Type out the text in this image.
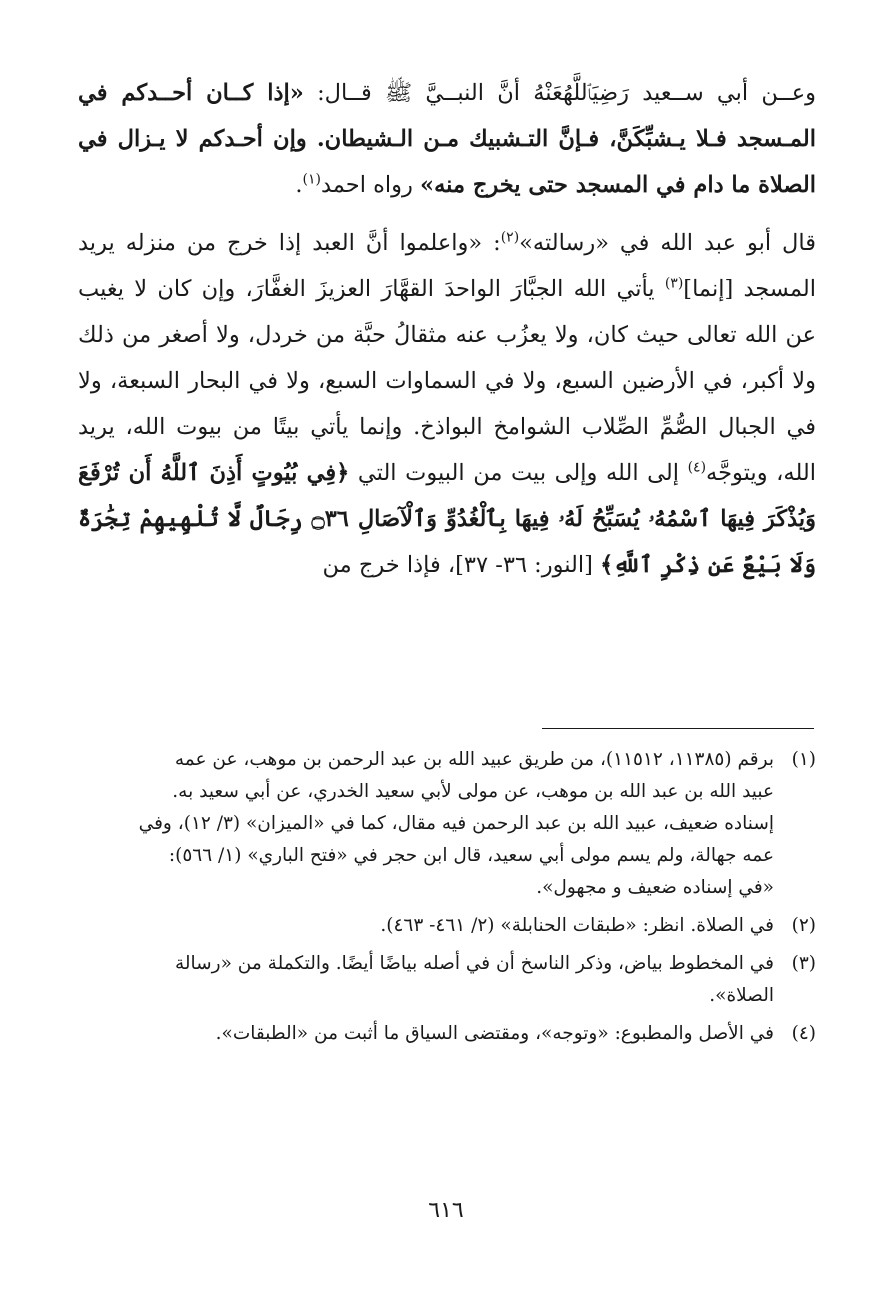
وعــن أبي ســعيد رَضِيَٱللَّهُعَنْهُ أنَّ النبــيَّ ﷺ قــال: «إذا كــان أحــدكم في المـسجد فـلا يـشبِّكَنَّ، فـإنَّ التـشبيك مـن الـشيطان. وإن أحـدكم لا يـزال في الصلاة ما دام في المسجد حتى يخرج منه» رواه احمد$^{(١)}$.

قال أبو عبد الله في «رسالته»$^{(٢)}$: «واعلموا أنَّ العبد إذا خرج من منزله يريد المسجد [إنما]$^{(٣)}$ يأتي الله الجبَّارَ الواحدَ القهَّارَ العزيزَ الغفَّارَ، وإن كان لا يغيب عن الله تعالى حيث كان، ولا يعزُب عنه مثقالُ حبَّة من خردل، ولا أصغر من ذلك ولا أكبر، في الأرضين السبع، ولا في السماوات السبع، ولا في البحار السبعة، ولا في الجبال الصُّمِّ الصِّلاب الشوامخ البواذخ. وإنما يأتي بيتًا من بيوت الله، يريد الله، ويتوجَّه$^{(٤)}$ إلى الله وإلى بيت من البيوت التي ﴿فِي بُيُوتٍ أَذِنَ ٱللَّهُ أَن تُرْفَعَ وَيُذْكَرَ فِيهَا ٱسْمُهُۥ يُسَبِّحُ لَهُۥ فِيهَا بِٱلْغُدُوِّ وَٱلْآصَالِ ۝٣٦ رِجَالٌ لَّا تُلْهِيهِمْ تِجَٰرَةٌ وَلَا بَيْعٌ عَن ذِكْرِ ٱللَّهِ﴾ [النور: ٣٦- ٣٧]، فإذا خرج من

(١)
برقم (١١٣٨٥، ١١٥١٢)، من طريق عبيد الله بن عبد الرحمن بن موهب، عن عمه
عبيد الله بن عبد الله بن موهب، عن مولى لأبي سعيد الخدري، عن أبي سعيد به.
إسناده ضعيف، عبيد الله بن عبد الرحمن فيه مقال، كما في «الميزان» (٣/ ١٢)، وفي
عمه جهالة، ولم يسم مولى أبي سعيد، قال ابن حجر في «فتح الباري» (١/ ٥٦٦):
«في إسناده ضعيف و مجهول».
(٢)
في الصلاة. انظر: «طبقات الحنابلة» (٢/ ٤٦١- ٤٦٣).
(٣)
في المخطوط بياض، وذكر الناسخ أن في أصله بياضًا أيضًا. والتكملة من «رسالة
الصلاة».
(٤)
في الأصل والمطبوع: «وتوجه»، ومقتضى السياق ما أثبت من «الطبقات».
٦١٦
